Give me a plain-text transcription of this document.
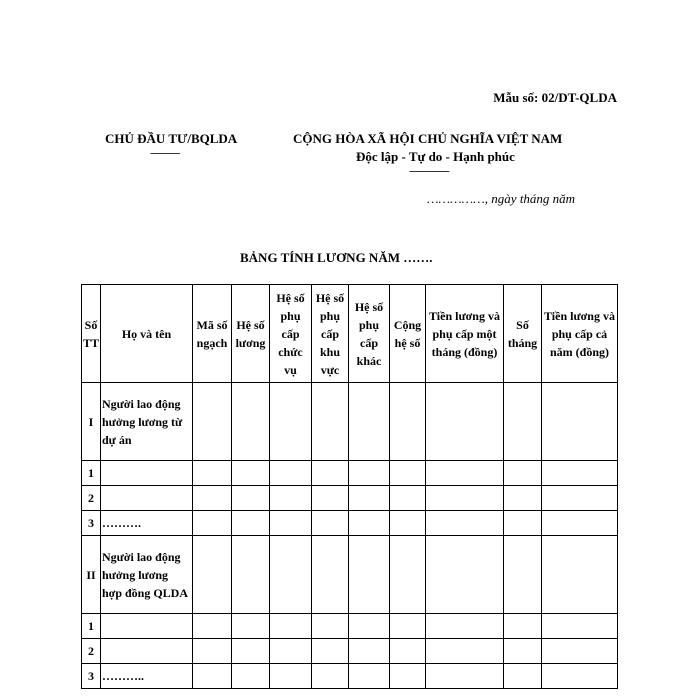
Mẫu số: 02/DT-QLDA
CHỦ ĐẦU TƯ/BQLDA
-----------
CỘNG HÒA XÃ HỘI CHỦ NGHĨA VIỆT NAM
Độc lập - Tự do - Hạnh phúc
---------------
……………, ngày tháng năm
BẢNG TÍNH LƯƠNG NĂM …….
Số TT	Họ và tên	Mã số ngạch	Hệ số lương	Hệ số phụ cấp chức vụ	Hệ số phụ cấp khu vực	Hệ số phụ cấp khác	Cộng hệ số	Tiền lương và phụ cấp một tháng (đồng)	Số tháng	Tiền lương và phụ cấp cả năm (đồng)
I	Người lao động hưởng lương từ dự án									
1										
2										
3	……….									
II	Người lao động hưởng lương hợp đồng QLDA									
1										
2										
3	………..									
